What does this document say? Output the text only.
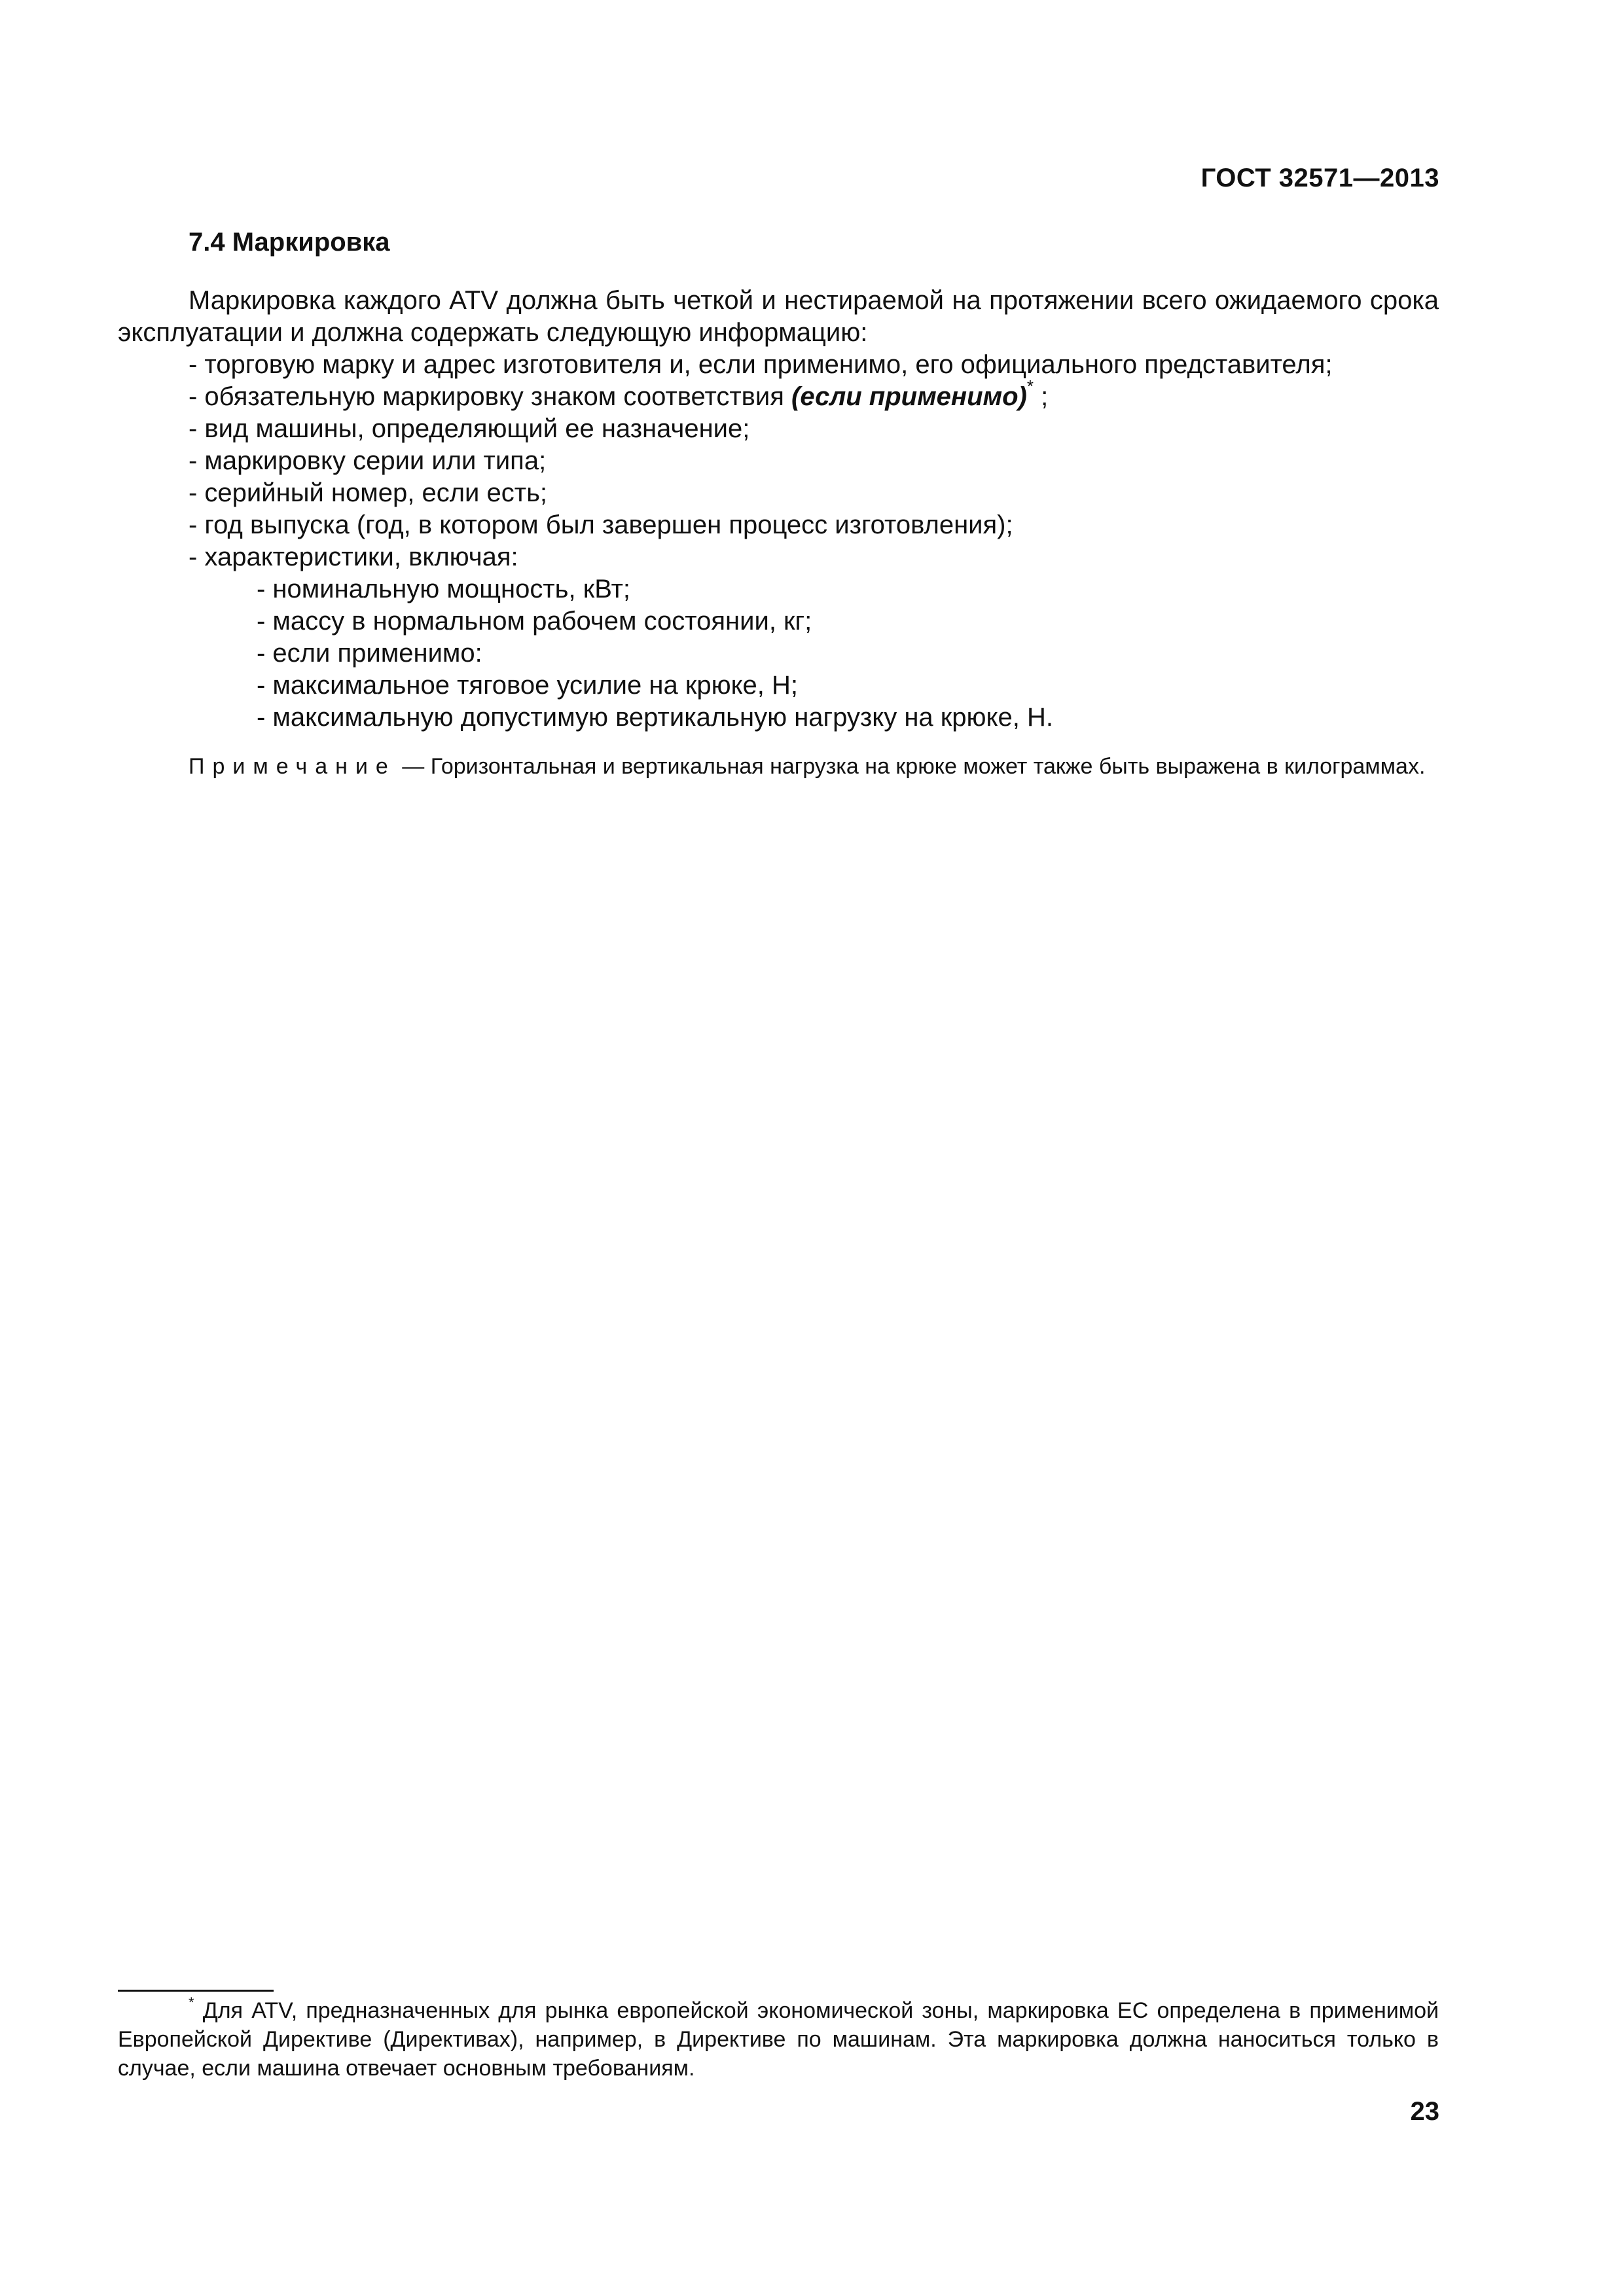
ГОСТ 32571—2013
7.4 Маркировка

Маркировка каждого ATV должна быть четкой и нестираемой на протяжении всего ожидаемого срока эксплуатации и должна содержать следующую информацию:

- торговую марку и адрес изготовителя и, если применимо, его официального представителя;
- обязательную маркировку знаком соответствия (если применимо)* ;
- вид машины, определяющий ее назначение;
- маркировку серии или типа;
- серийный номер, если есть;
- год выпуска (год, в котором был завершен процесс изготовления);
- характеристики, включая:
- номинальную мощность, кВт;
- массу в нормальном рабочем состоянии, кг;
- если применимо:
- максимальное тяговое усилие на крюке, Н;
- максимальную допустимую вертикальную нагрузку на крюке, Н.
Примечание — Горизонтальная и вертикальная нагрузка на крюке может также быть выражена в килограммах.
* Для ATV, предназначенных для рынка европейской экономической зоны, маркировка ЕС определена в применимой Европейской Директиве (Директивах), например, в Директиве по машинам. Эта маркировка должна наноситься только в случае, если машина отвечает основным требованиям.
23
